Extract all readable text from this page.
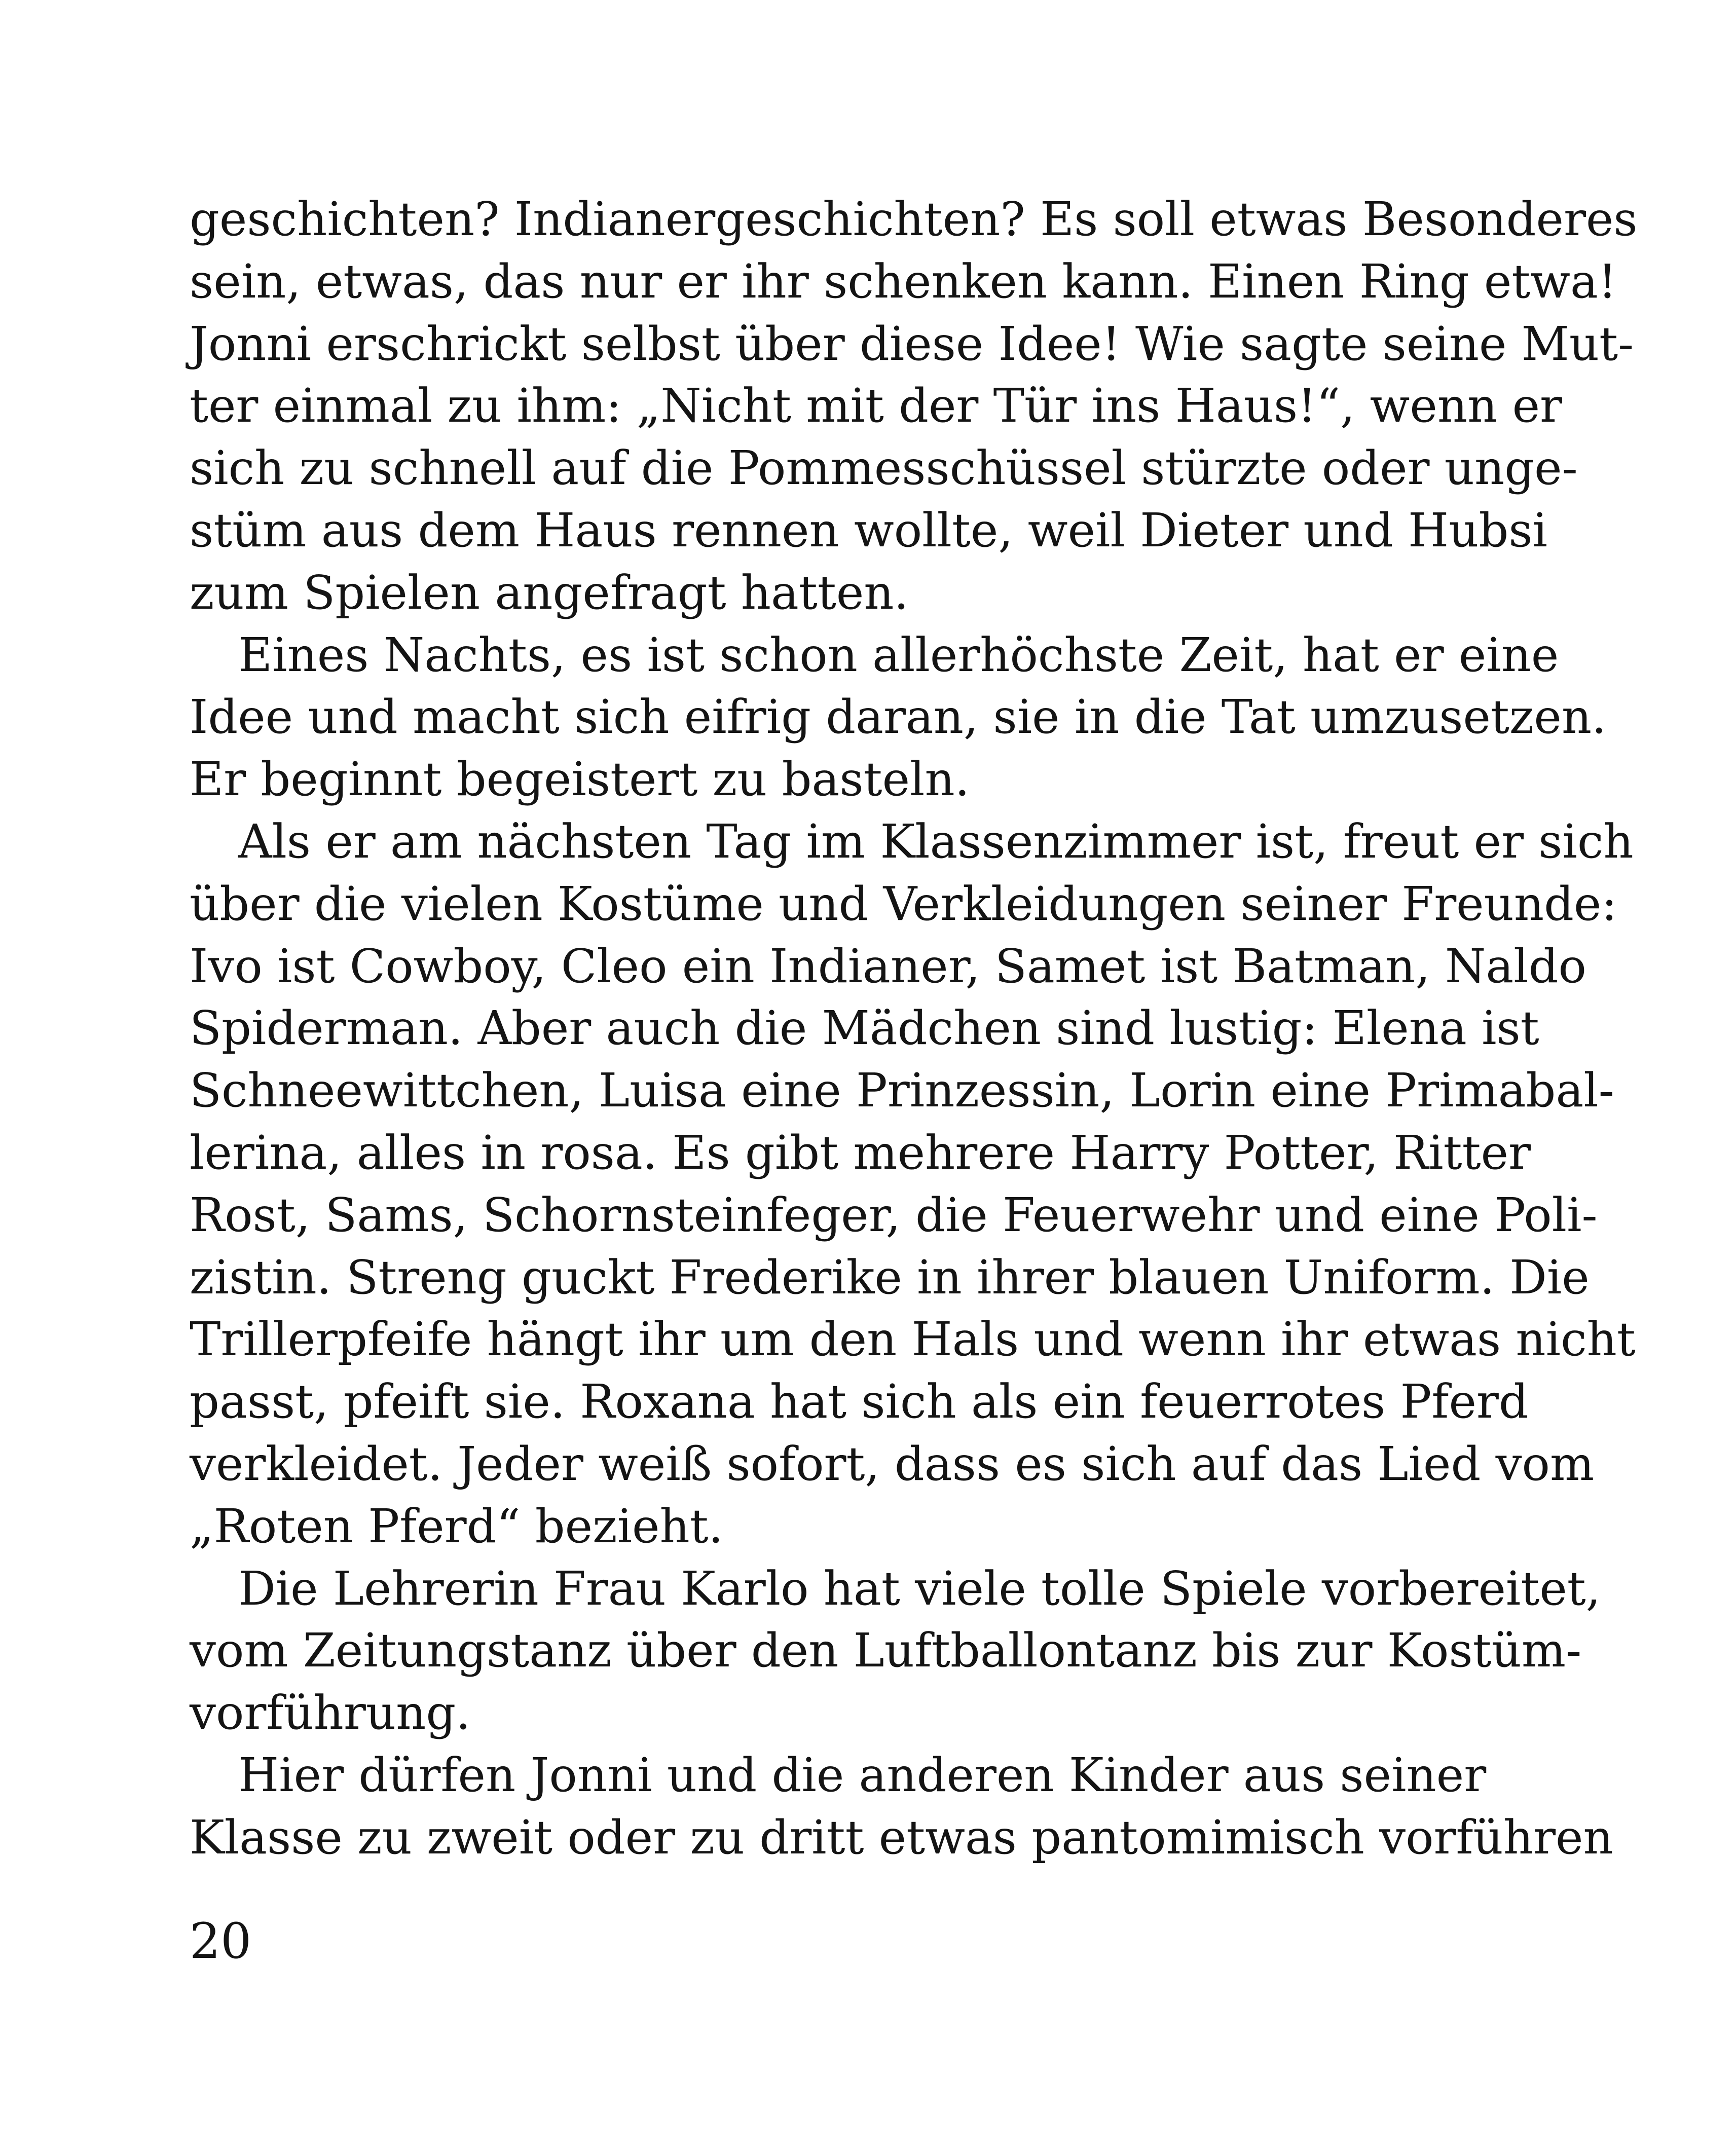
geschichten? Indianergeschichten? Es soll etwas Besonderes
sein, etwas, das nur er ihr schenken kann. Einen Ring etwa!
Jonni erschrickt selbst über diese Idee! Wie sagte seine Mut-
ter einmal zu ihm: „Nicht mit der Tür ins Haus!“, wenn er
sich zu schnell auf die Pommesschüssel stürzte oder unge-
stüm aus dem Haus rennen wollte, weil Dieter und Hubsi
zum Spielen angefragt hatten.
Eines Nachts, es ist schon allerhöchste Zeit, hat er eine
Idee und macht sich eifrig daran, sie in die Tat umzusetzen.
Er beginnt begeistert zu basteln.
Als er am nächsten Tag im Klassenzimmer ist, freut er sich
über die vielen Kostüme und Verkleidungen seiner Freunde:
Ivo ist Cowboy, Cleo ein Indianer, Samet ist Batman, Naldo
Spiderman. Aber auch die Mädchen sind lustig: Elena ist
Schneewittchen, Luisa eine Prinzessin, Lorin eine Primabal-
lerina, alles in rosa. Es gibt mehrere Harry Potter, Ritter
Rost, Sams, Schornsteinfeger, die Feuerwehr und eine Poli-
zistin. Streng guckt Frederike in ihrer blauen Uniform. Die
Trillerpfeife hängt ihr um den Hals und wenn ihr etwas nicht
passt, pfeift sie. Roxana hat sich als ein feuerrotes Pferd
verkleidet. Jeder weiß sofort, dass es sich auf das Lied vom
„Roten Pferd“ bezieht.
Die Lehrerin Frau Karlo hat viele tolle Spiele vorbereitet,
vom Zeitungstanz über den Luftballontanz bis zur Kostüm-
vorführung.
Hier dürfen Jonni und die anderen Kinder aus seiner
Klasse zu zweit oder zu dritt etwas pantomimisch vorführen
20
